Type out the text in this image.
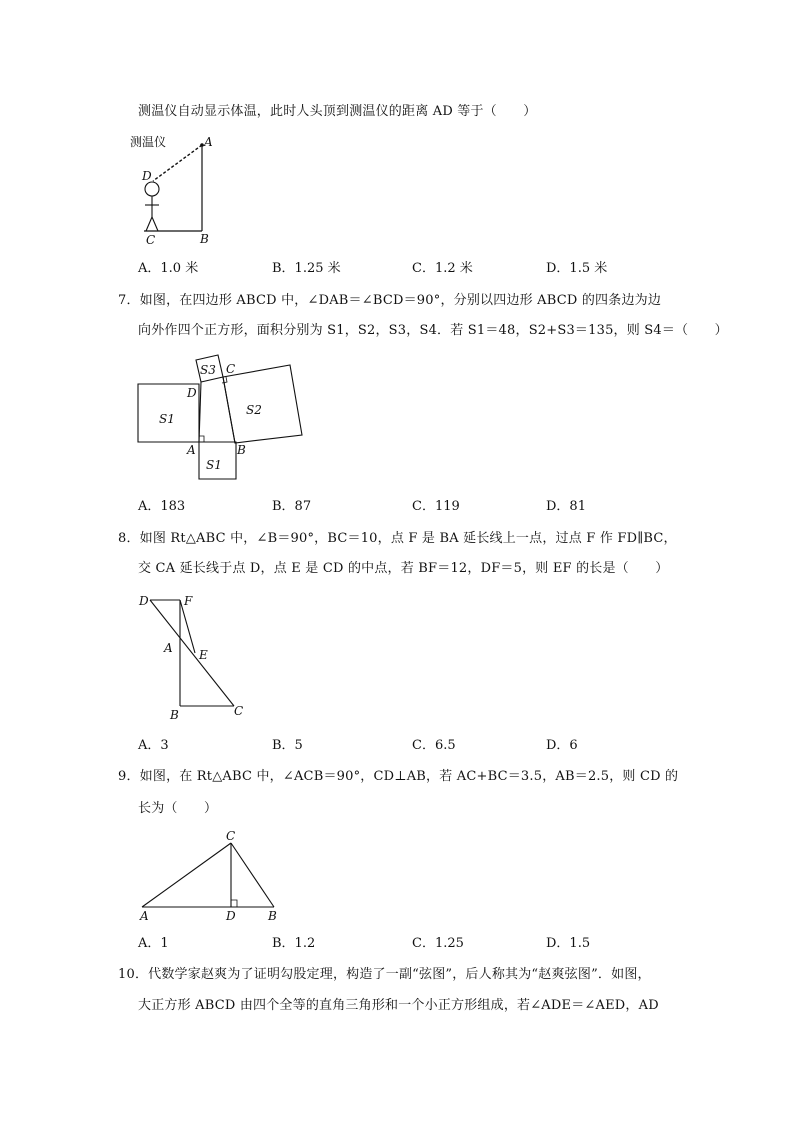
测温仪自动显示体温，此时人头顶到测温仪的距离 AD 等于（　　）
测温仪	A
D
C	B
A．1.0 米	B．1.25 米	C．1.2 米	D．1.5 米
7．如图，在四边形 ABCD 中，∠DAB＝∠BCD＝90°，分别以四边形 ABCD 的四条边为边
向外作四个正方形，面积分别为 S1，S2，S3，S4．若 S1＝48，S2+S3＝135，则 S4＝（　　）
S3 C
D
S1
S2
A	B
S1
A．183	B．87	C．119	D．81
8．如图 Rt△ABC 中，∠B＝90°，BC＝10，点 F 是 BA 延长线上一点，过点 F 作 FD∥BC，
交 CA 延长线于点 D，点 E 是 CD 的中点，若 BF＝12，DF＝5，则 EF 的长是（　　）
D	F
A E
B	C
A．3	B．5	C．6.5	D．6
9．如图，在 Rt△ABC 中，∠ACB＝90°，CD⊥AB，若 AC+BC＝3.5，AB＝2.5，则 CD 的
长为（　　）
C
A	D	B
A．1	B．1.2	C．1.25	D．1.5
10．代数学家赵爽为了证明勾股定理，构造了一副“弦图”，后人称其为“赵爽弦图”．如图，
大正方形 ABCD 由四个全等的直角三角形和一个小正方形组成，若∠ADE＝∠AED，AD
